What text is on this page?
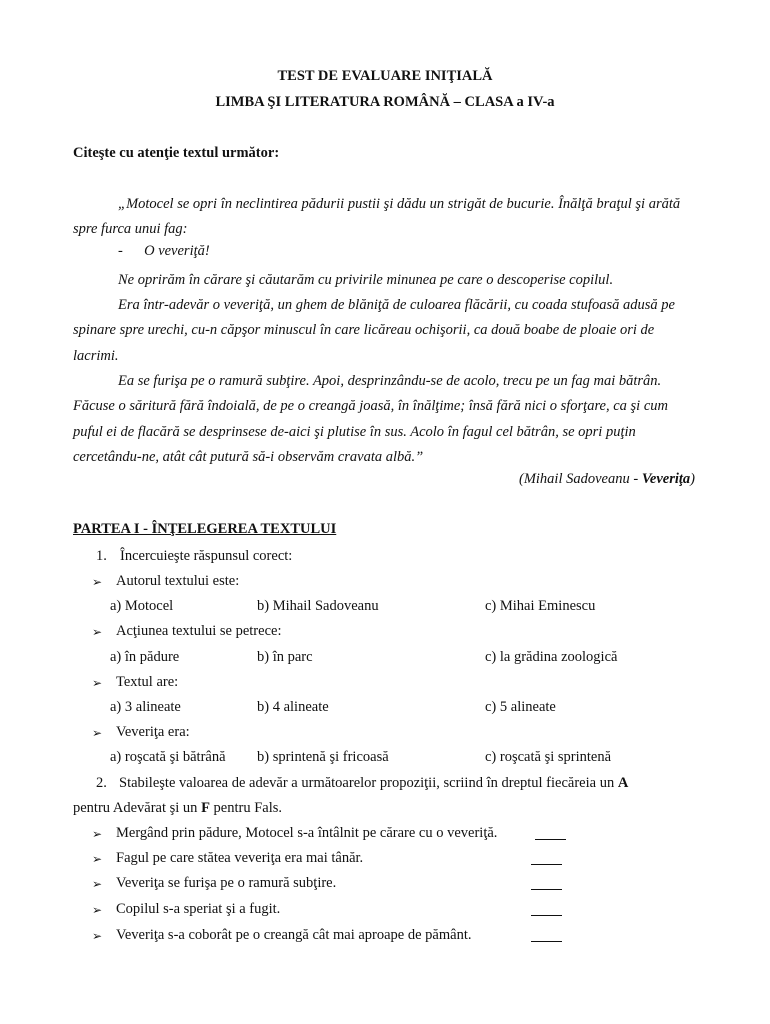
TEST DE EVALUARE INIŢIALĂ
LIMBA ŞI LITERATURA ROMÂNĂ – CLASA a IV-a
Citeşte cu atenţie textul următor:
„Motocel se opri în neclintirea pădurii pustii şi dădu un strigăt de bucurie. Înălţă braţul şi arătă spre furca unui fag:
- O veveriţă!
Ne oprirăm în cărare şi căutarăm cu privirile minunea pe care o descoperise copilul.
Era într-adevăr o veveriţă, un ghem de blăniţă de culoarea flăcării, cu coada stufoasă adusă pe spinare spre urechi, cu-n căpşor minuscul în care licăreau ochişorii, ca două boabe de ploaie ori de lacrimi.
Ea se furişa pe o ramură subţire. Apoi, desprinzându-se de acolo, trecu pe un fag mai bătrân. Făcuse o săritură fără îndoială, de pe o creangă joasă, în înălţime; însă fără nici o sforţare, ca şi cum puful ei de flacără se desprinsese de-aici şi plutise în sus. Acolo în fagul cel bătrân, se opri puţin cercetându-ne, atât cât putură să-i observăm cravata albă.”
(Mihail Sadoveanu - Veveriţa)
PARTEA I - ÎNŢELEGEREA TEXTULUI
1. Încercuieşte răspunsul corect:
➢ Autorul textului este:
a) Motocel	b) Mihail Sadoveanu	c) Mihai Eminescu
➢ Acţiunea textului se petrece:
a) în pădure	b) în parc	c) la grădina zoologică
➢ Textul are:
a) 3 alineate	b) 4 alineate	c) 5 alineate
➢ Veveriţa era:
a) roşcată şi bătrână b) sprintenă şi fricoasă	c) roşcată şi sprintenă
2. Stabileşte valoarea de adevăr a următoarelor propoziţii, scriind în dreptul fiecăreia un A
pentru Adevărat şi un F pentru Fals.
➢ Mergând prin pădure, Motocel s-a întâlnit pe cărare cu o veveriţă.
➢ Fagul pe care stătea veveriţa era mai tânăr.
➢ Veveriţa se furişa pe o ramură subţire.
➢ Copilul s-a speriat şi a fugit.
➢ Veveriţa s-a coborât pe o creangă cât mai aproape de pământ.
